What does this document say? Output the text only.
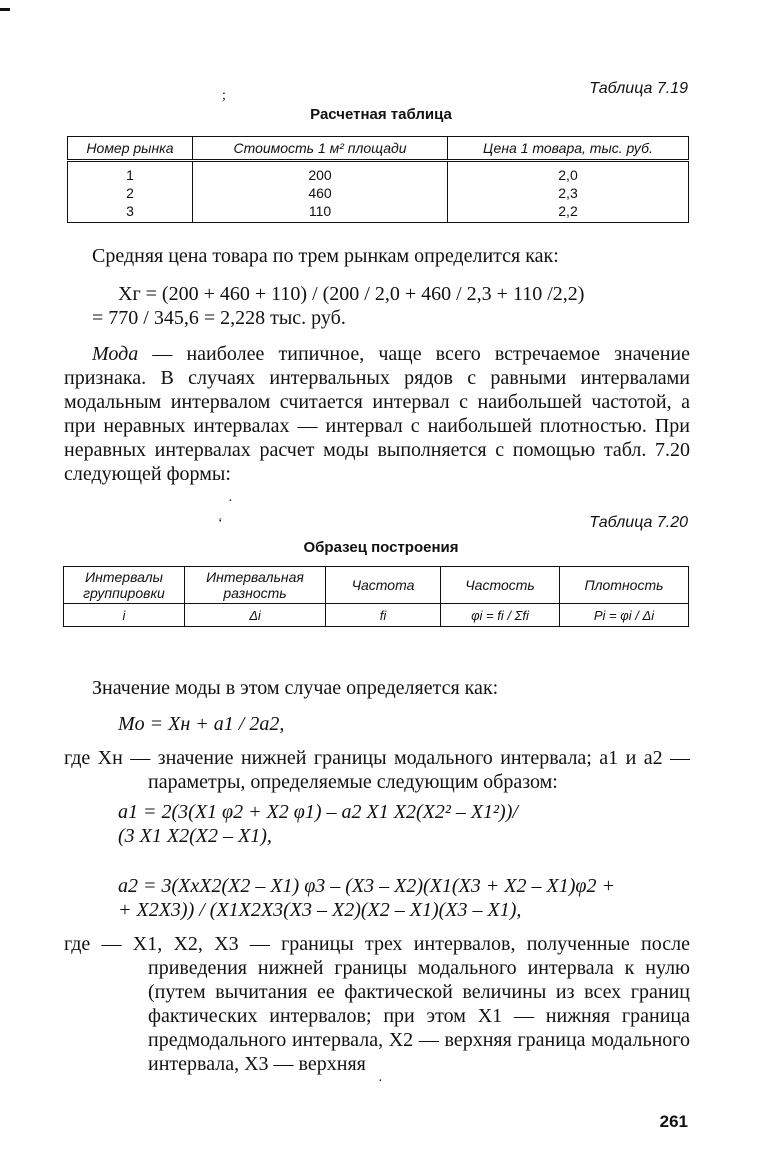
;	Таблица 7.19
Расчетная таблица
Номер рынка	Стоимость 1 м² площади	Цена 1 товара, тыс. руб.
1	200	2,0
2	460	2,3
3	110	2,2
Средняя цена товара по трем рынкам определится как:
Xг = (200 + 460 + 110) / (200 / 2,0 + 460 / 2,3 + 110 /2,2)
= 770 / 345,6 = 2,228 тыс. руб.
Мода — наиболее типичное, чаще всего встречаемое значение признака. В случаях интервальных рядов с равными интервалами модальным интервалом считается интервал с наибольшей частотой, а при неравных интервалах — интервал с наибольшей плотностью. При неравных интервалах расчет моды выполняется с помощью табл. 7.20 следующей формы:
·
ʻ	Таблица 7.20
Образец построения
Интервалы группировки	Интервальная разность	Частота	Частость	Плотность
i	Δi	fi	φi = fi / Σfi	Pi = φi / Δi
Значение моды в этом случае определяется как:
Mо = Xн + a1 / 2a2,
где Xн — значение нижней границы модального интервала; a1 и a2 — параметры, определяемые следующим образом:
a1 = 2(3(X1 φ2 + X2 φ1) – a2 X1 X2(X2² – X1²))/
(3 X1 X2(X2 – X1),
a2 = 3(XxX2(X2 – X1) φ3 – (X3 – X2)(X1(X3 + X2 – X1)φ2 +
+ X2X3)) / (X1X2X3(X3 – X2)(X2 – X1)(X3 – X1),
где — X1, X2, X3 — границы трех интервалов, полученные после приведения нижней границы модального интервала к нулю (путем вычитания ее фактической величины из всех границ фактических интервалов; при этом X1 — нижняя граница предмодального интервала, X2 — верхняя граница модального интервала, X3 — верхняя
·
261
